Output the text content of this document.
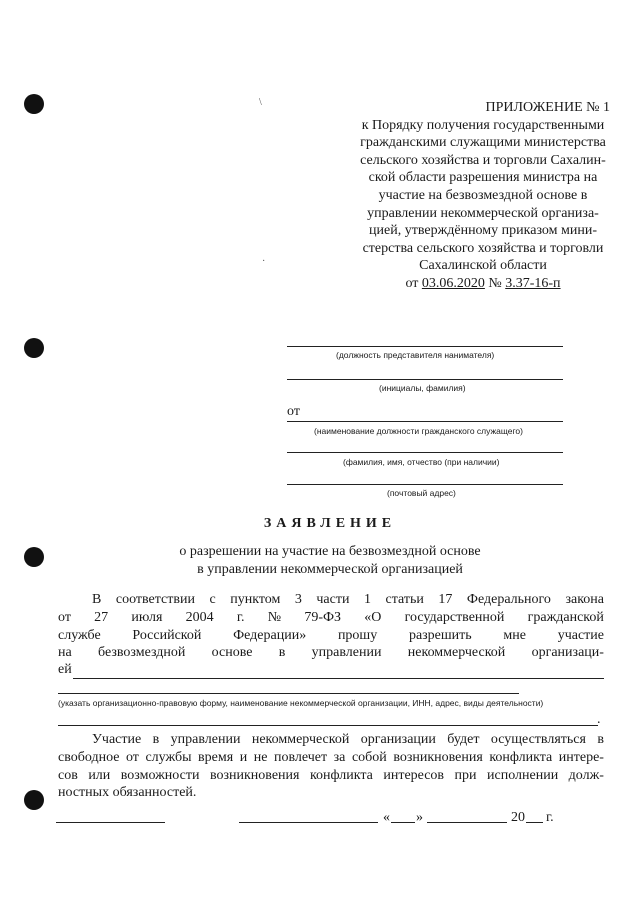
\
·
ПРИЛОЖЕНИЕ № 1
к Порядку получения государственными
гражданскими служащими министерства
сельского хозяйства и торговли Сахалин-
ской области разрешения министра на
участие на безвозмездной основе в
управлении некоммерческой организа-
цией, утверждённому приказом мини-
стерства сельского хозяйства и торговли
Сахалинской области
от 03.06.2020 № 3.37-16-п
(должность представителя нанимателя)
(инициалы, фамилия)
от
(наименование должности гражданского служащего)
(фамилия, имя, отчество (при наличии)
(почтовый адрес)
ЗАЯВЛЕНИЕ
о разрешении на участие на безвозмездной основе
в управлении некоммерческой организацией
В соответствии с пунктом 3 части 1 статьи 17 Федерального закона
от 27 июля 2004 г. № 79-ФЗ «О государственной гражданской
службе Российской Федерации» прошу разрешить мне участие
на безвозмездной основе в управлении некоммерческой организаци-
ей
(указать организационно-правовую форму, наименование некоммерческой организации, ИНН, адрес, виды деятельности)
.
Участие в управлении некоммерческой организации будет осуществляться в
свободное от службы время и не повлечет за собой возникновения конфликта интере-
сов или возможности возникновения конфликта интересов при исполнении долж-
ностных обязанностей.
« »	20 г.
